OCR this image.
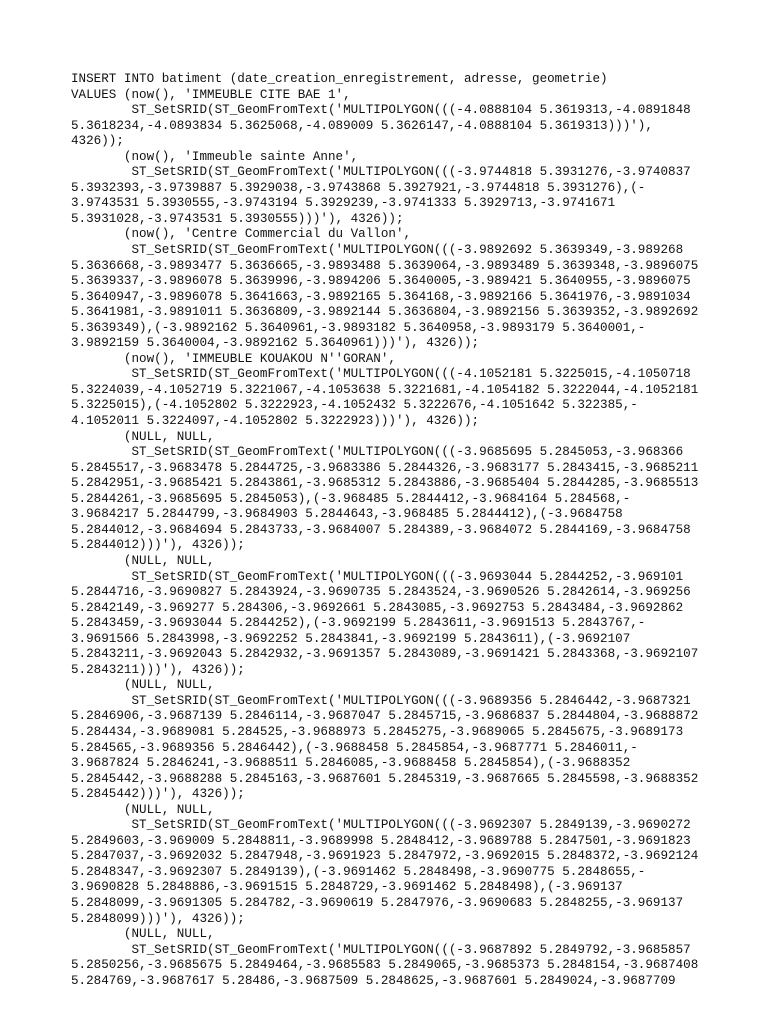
INSERT INTO batiment (date_creation_enregistrement, adresse, geometrie)
VALUES (now(), 'IMMEUBLE CITE BAE 1',
ST_SetSRID(ST_GeomFromText('MULTIPOLYGON(((-4.0888104 5.3619313,-4.0891848
5.3618234,-4.0893834 5.3625068,-4.089009 5.3626147,-4.0888104 5.3619313)))'),
4326));
(now(), 'Immeuble sainte Anne',
ST_SetSRID(ST_GeomFromText('MULTIPOLYGON(((-3.9744818 5.3931276,-3.9740837
5.3932393,-3.9739887 5.3929038,-3.9743868 5.3927921,-3.9744818 5.3931276),(-
3.9743531 5.3930555,-3.9743194 5.3929239,-3.9741333 5.3929713,-3.9741671
5.3931028,-3.9743531 5.3930555)))'), 4326));
(now(), 'Centre Commercial du Vallon',
ST_SetSRID(ST_GeomFromText('MULTIPOLYGON(((-3.9892692 5.3639349,-3.989268
5.3636668,-3.9893477 5.3636665,-3.9893488 5.3639064,-3.9893489 5.3639348,-3.9896075
5.3639337,-3.9896078 5.3639996,-3.9894206 5.3640005,-3.989421 5.3640955,-3.9896075
5.3640947,-3.9896078 5.3641663,-3.9892165 5.364168,-3.9892166 5.3641976,-3.9891034
5.3641981,-3.9891011 5.3636809,-3.9892144 5.3636804,-3.9892156 5.3639352,-3.9892692
5.3639349),(-3.9892162 5.3640961,-3.9893182 5.3640958,-3.9893179 5.3640001,-
3.9892159 5.3640004,-3.9892162 5.3640961)))'), 4326));
(now(), 'IMMEUBLE KOUAKOU N''GORAN',
ST_SetSRID(ST_GeomFromText('MULTIPOLYGON(((-4.1052181 5.3225015,-4.1050718
5.3224039,-4.1052719 5.3221067,-4.1053638 5.3221681,-4.1054182 5.3222044,-4.1052181
5.3225015),(-4.1052802 5.3222923,-4.1052432 5.3222676,-4.1051642 5.322385,-
4.1052011 5.3224097,-4.1052802 5.3222923)))'), 4326));
(NULL, NULL,
ST_SetSRID(ST_GeomFromText('MULTIPOLYGON(((-3.9685695 5.2845053,-3.968366
5.2845517,-3.9683478 5.2844725,-3.9683386 5.2844326,-3.9683177 5.2843415,-3.9685211
5.2842951,-3.9685421 5.2843861,-3.9685312 5.2843886,-3.9685404 5.2844285,-3.9685513
5.2844261,-3.9685695 5.2845053),(-3.968485 5.2844412,-3.9684164 5.284568,-
3.9684217 5.2844799,-3.9684903 5.2844643,-3.968485 5.2844412),(-3.9684758
5.2844012,-3.9684694 5.2843733,-3.9684007 5.284389,-3.9684072 5.2844169,-3.9684758
5.2844012)))'), 4326));
(NULL, NULL,
ST_SetSRID(ST_GeomFromText('MULTIPOLYGON(((-3.9693044 5.2844252,-3.969101
5.2844716,-3.9690827 5.2843924,-3.9690735 5.2843524,-3.9690526 5.2842614,-3.969256
5.2842149,-3.969277 5.284306,-3.9692661 5.2843085,-3.9692753 5.2843484,-3.9692862
5.2843459,-3.9693044 5.2844252),(-3.9692199 5.2843611,-3.9691513 5.2843767,-
3.9691566 5.2843998,-3.9692252 5.2843841,-3.9692199 5.2843611),(-3.9692107
5.2843211,-3.9692043 5.2842932,-3.9691357 5.2843089,-3.9691421 5.2843368,-3.9692107
5.2843211)))'), 4326));
(NULL, NULL,
ST_SetSRID(ST_GeomFromText('MULTIPOLYGON(((-3.9689356 5.2846442,-3.9687321
5.2846906,-3.9687139 5.2846114,-3.9687047 5.2845715,-3.9686837 5.2844804,-3.9688872
5.284434,-3.9689081 5.284525,-3.9688973 5.2845275,-3.9689065 5.2845675,-3.9689173
5.284565,-3.9689356 5.2846442),(-3.9688458 5.2845854,-3.9687771 5.2846011,-
3.9687824 5.2846241,-3.9688511 5.2846085,-3.9688458 5.2845854),(-3.9688352
5.2845442,-3.9688288 5.2845163,-3.9687601 5.2845319,-3.9687665 5.2845598,-3.9688352
5.2845442)))'), 4326));
(NULL, NULL,
ST_SetSRID(ST_GeomFromText('MULTIPOLYGON(((-3.9692307 5.2849139,-3.9690272
5.2849603,-3.969009 5.2848811,-3.9689998 5.2848412,-3.9689788 5.2847501,-3.9691823
5.2847037,-3.9692032 5.2847948,-3.9691923 5.2847972,-3.9692015 5.2848372,-3.9692124
5.2848347,-3.9692307 5.2849139),(-3.9691462 5.2848498,-3.9690775 5.2848655,-
3.9690828 5.2848886,-3.9691515 5.2848729,-3.9691462 5.2848498),(-3.969137
5.2848099,-3.9691305 5.284782,-3.9690619 5.2847976,-3.9690683 5.2848255,-3.969137
5.2848099)))'), 4326));
(NULL, NULL,
ST_SetSRID(ST_GeomFromText('MULTIPOLYGON(((-3.9687892 5.2849792,-3.9685857
5.2850256,-3.9685675 5.2849464,-3.9685583 5.2849065,-3.9685373 5.2848154,-3.9687408
5.284769,-3.9687617 5.28486,-3.9687509 5.2848625,-3.9687601 5.2849024,-3.9687709
